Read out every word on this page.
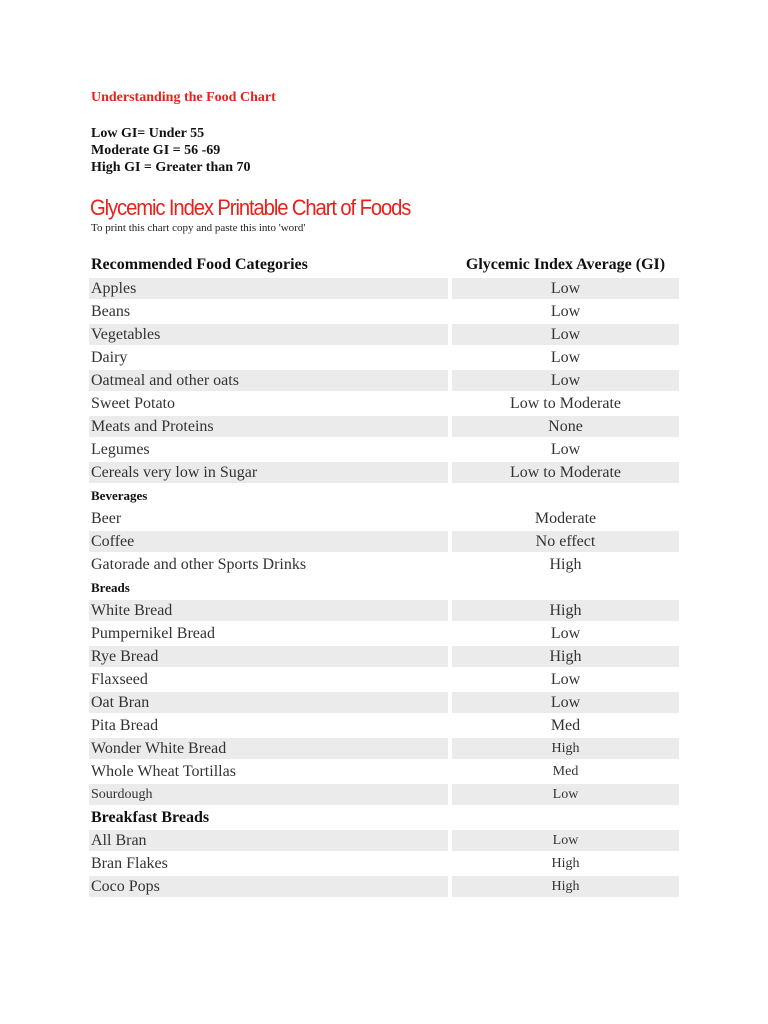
Understanding the Food Chart
Low GI= Under 55
Moderate GI = 56 -69
High GI = Greater than 70
Glycemic Index Printable Chart of Foods
To print this chart copy and paste this into 'word'
Recommended Food Categories	Glycemic Index Average (GI)
Apples	Low
Beans	Low
Vegetables	Low
Dairy	Low
Oatmeal and other oats	Low
Sweet Potato	Low to Moderate
Meats and Proteins	None
Legumes	Low
Cereals very low in Sugar	Low to Moderate
Beverages
Beer	Moderate
Coffee	No effect
Gatorade and other Sports Drinks	High
Breads
White Bread	High
Pumpernikel Bread	Low
Rye Bread	High
Flaxseed	Low
Oat Bran	Low
Pita Bread	Med
Wonder White Bread	High
Whole Wheat Tortillas	Med
Sourdough	Low
Breakfast Breads
All Bran	Low
Bran Flakes	High
Coco Pops	High
